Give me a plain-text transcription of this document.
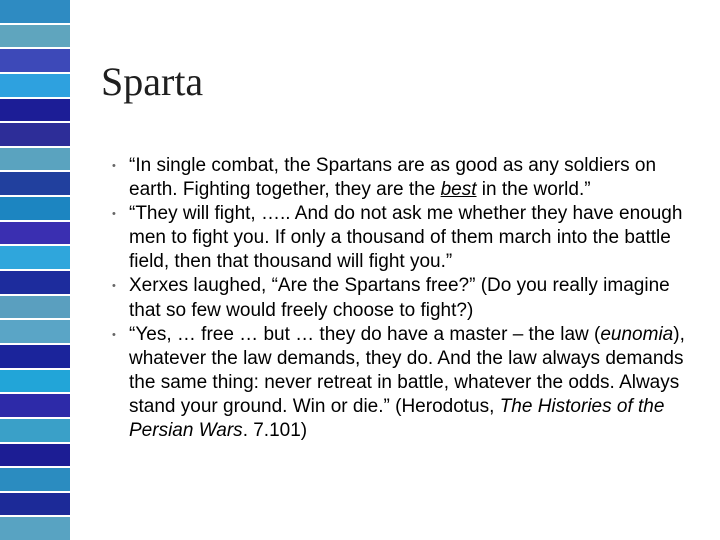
Sparta
• “In single combat, the Spartans are as good as any soldiers on earth. Fighting together, they are the best in the world.”
• “They will fight, ….. And do not ask me whether they have enough men to fight you. If only a thousand of them march into the battle field, then that thousand will fight you.”
• Xerxes laughed, “Are the Spartans free?” (Do you really imagine that so few would freely choose to fight?)
• “Yes, … free … but … they do have a master – the law (eunomia), whatever the law demands, they do. And the law always demands the same thing: never retreat in battle, whatever the odds. Always stand your ground. Win or die.” (Herodotus, The Histories of the Persian Wars. 7.101)
